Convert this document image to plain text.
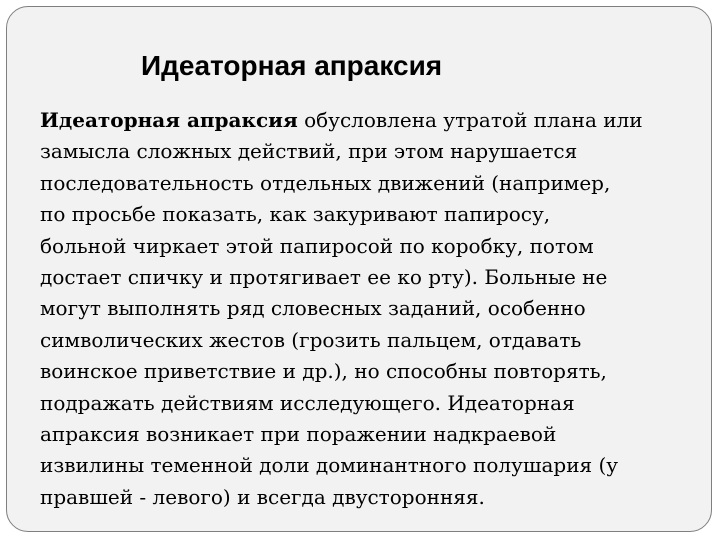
Идеаторная апраксия
Идеаторная апраксия обусловлена утратой плана или
замысла сложных действий, при этом нарушается
последовательность отдельных движений (например,
по просьбе показать, как закуривают папиросу,
больной чиркает этой папиросой по коробку, потом
достает спичку и протягивает ее ко рту). Больные не
могут выполнять ряд словесных заданий, особенно
символических жестов (грозить пальцем, отдавать
воинское приветствие и др.), но способны повторять,
подражать действиям исследующего. Идеаторная
апраксия возникает при поражении надкраевой
извилины теменной доли доминантного полушария (у
правшей - левого) и всегда двусторонняя.
